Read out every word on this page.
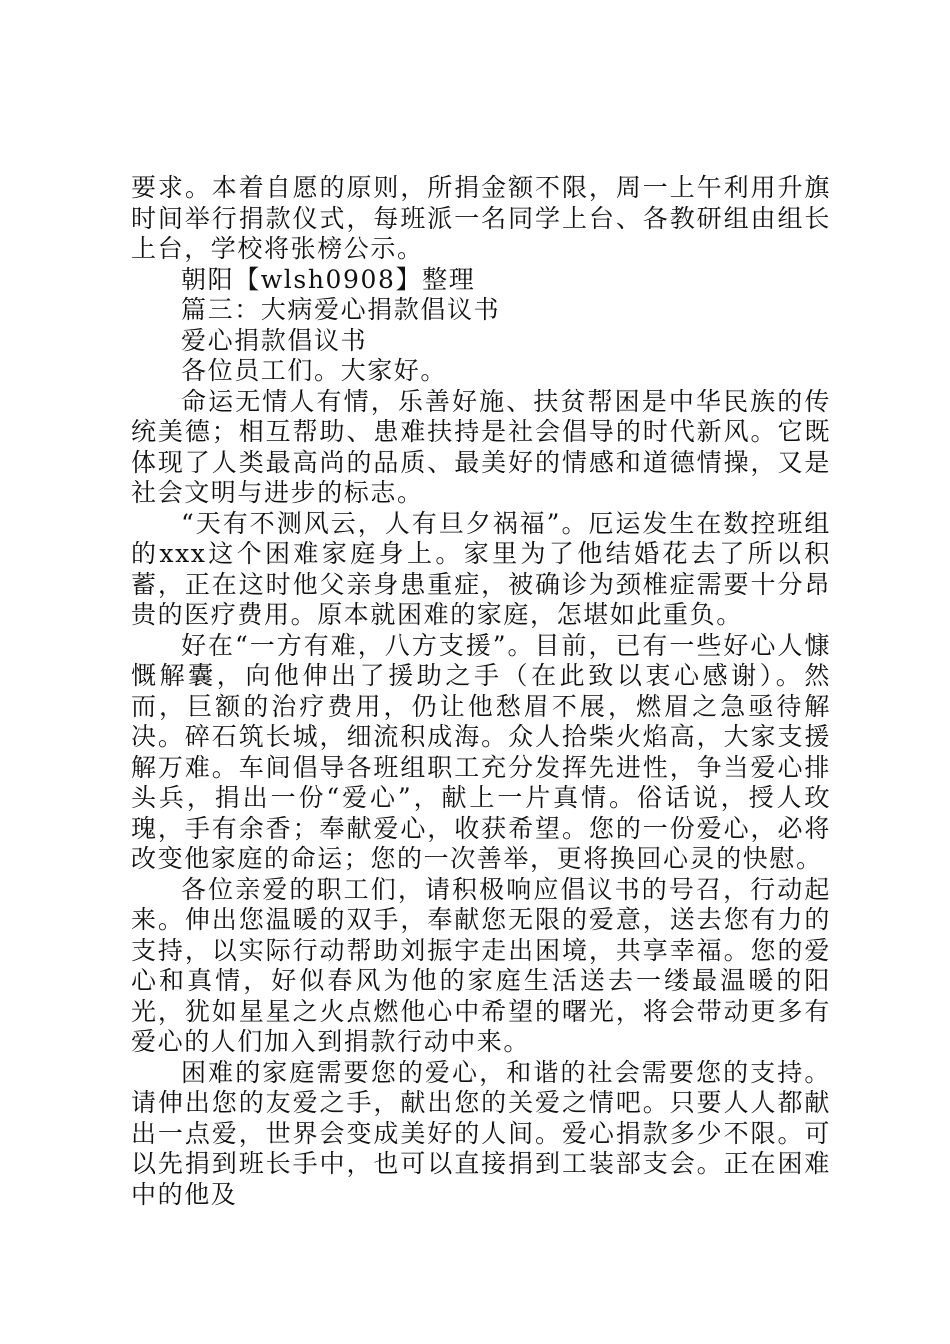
要求。本着自愿的原则，所捐金额不限，周一上午利用升旗时间举行捐款仪式，每班派一名同学上台、各教研组由组长上台，学校将张榜公示。

朝阳【wlsh0908】整理

篇三：大病爱心捐款倡议书

爱心捐款倡议书

各位员工们。大家好。

命运无情人有情，乐善好施、扶贫帮困是中华民族的传统美德；相互帮助、患难扶持是社会倡导的时代新风。它既体现了人类最高尚的品质、最美好的情感和道德情操，又是社会文明与进步的标志。

“天有不测风云，人有旦夕祸福”。厄运发生在数控班组的xxx这个困难家庭身上。家里为了他结婚花去了所以积蓄，正在这时他父亲身患重症，被确诊为颈椎症需要十分昂贵的医疗费用。原本就困难的家庭，怎堪如此重负。

好在“一方有难，八方支援”。目前，已有一些好心人慷慨解囊，向他伸出了援助之手（在此致以衷心感谢）。然而，巨额的治疗费用，仍让他愁眉不展，燃眉之急亟待解决。碎石筑长城，细流积成海。众人拾柴火焰高，大家支援解万难。车间倡导各班组职工充分发挥先进性，争当爱心排头兵，捐出一份“爱心”，献上一片真情。俗话说，授人玫瑰，手有余香；奉献爱心，收获希望。您的一份爱心，必将改变他家庭的命运；您的一次善举，更将换回心灵的快慰。

各位亲爱的职工们，请积极响应倡议书的号召，行动起来。伸出您温暖的双手，奉献您无限的爱意，送去您有力的支持，以实际行动帮助刘振宇走出困境，共享幸福。您的爱心和真情，好似春风为他的家庭生活送去一缕最温暖的阳光，犹如星星之火点燃他心中希望的曙光，将会带动更多有爱心的人们加入到捐款行动中来。

困难的家庭需要您的爱心，和谐的社会需要您的支持。请伸出您的友爱之手，献出您的关爱之情吧。只要人人都献出一点爱，世界会变成美好的人间。爱心捐款多少不限。可以先捐到班长手中，也可以直接捐到工装部支会。正在困难中的他及
